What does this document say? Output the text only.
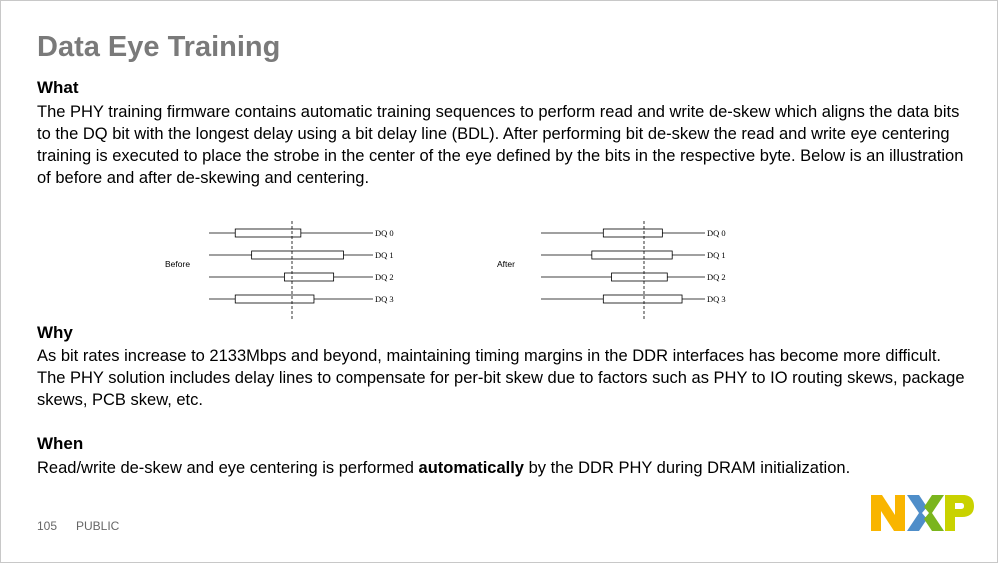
Data Eye Training
What

The PHY training firmware contains automatic training sequences to perform read and write de-skew which aligns the data bits to the DQ bit with the longest delay using a bit delay line (BDL). After performing bit de-skew the read and write eye centering training is executed to place the strobe in the center of the eye defined by the bits in the respective byte. Below is an illustration of before and after de-skewing and centering.

Before
DQ 0
DQ 1
DQ 2
DQ 3
After
DQ 0
DQ 1
DQ 2
DQ 3
Why

As bit rates increase to 2133Mbps and beyond, maintaining timing margins in the DDR interfaces has become more difficult. The PHY solution includes delay lines to compensate for per-bit skew due to factors such as PHY to IO routing skews, package skews, PCB skew, etc.

When

Read/write de-skew and eye centering is performed automatically by the DDR PHY during DRAM initialization.

105 PUBLIC
